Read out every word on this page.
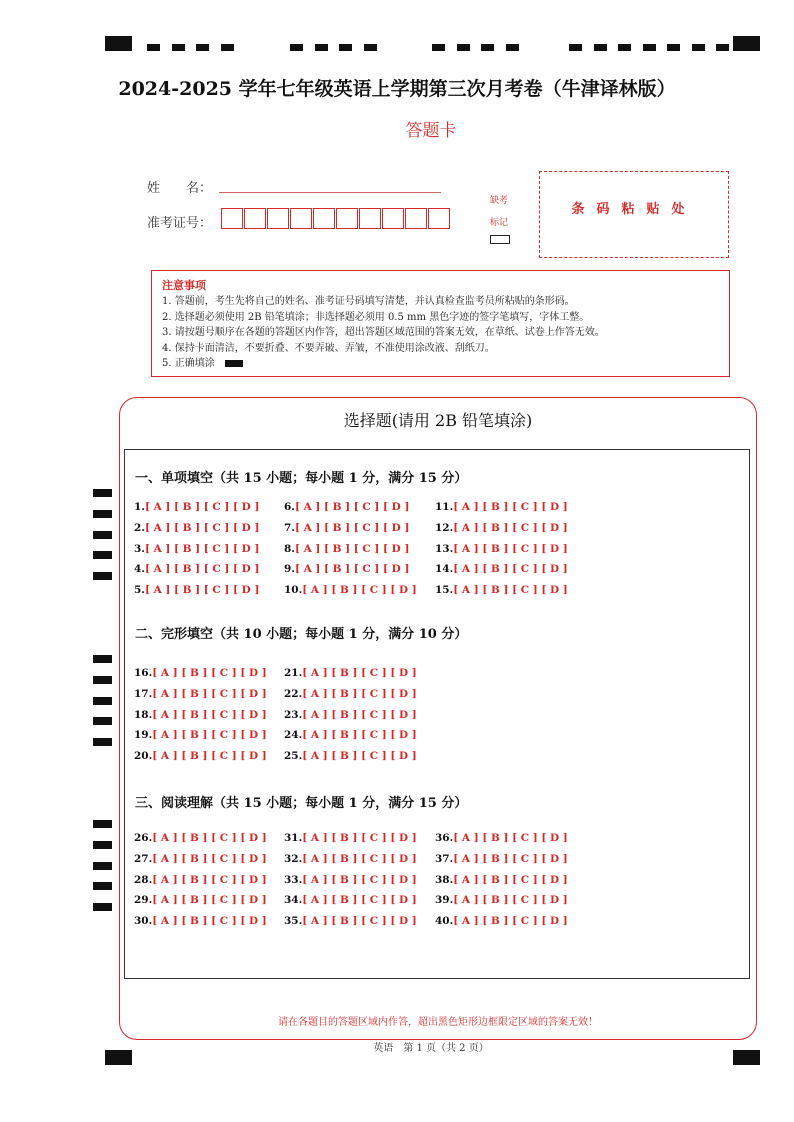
2024-2025 学年七年级英语上学期第三次月考卷（牛津译林版）
答题卡
姓　　名：
准考证号：
缺考
标记
条码粘贴处
注意事项
1. 答题前，考生先将自己的姓名、准考证号码填写清楚，并认真检查监考员所粘贴的条形码。
2. 选择题必须使用 2B 铅笔填涂；非选择题必须用 0.5 mm 黑色字迹的签字笔填写，字体工整。
3. 请按题号顺序在各题的答题区内作答，超出答题区域范围的答案无效，在草纸、试卷上作答无效。
4. 保持卡面清洁，不要折叠、不要弄破、弄皱，不准使用涂改液、刮纸刀。
5. 正确填涂
选择题(请用 2B 铅笔填涂)
一、单项填空（共 15 小题；每小题 1 分，满分 15 分）
二、完形填空（共 10 小题；每小题 1 分，满分 10 分）
三、阅读理解（共 15 小题；每小题 1 分，满分 15 分）
1.[ A ] [ B ] [ C ] [ D ]
2.[ A ] [ B ] [ C ] [ D ]
3.[ A ] [ B ] [ C ] [ D ]
4.[ A ] [ B ] [ C ] [ D ]
5.[ A ] [ B ] [ C ] [ D ]
6.[ A ] [ B ] [ C ] [ D ]
7.[ A ] [ B ] [ C ] [ D ]
8.[ A ] [ B ] [ C ] [ D ]
9.[ A ] [ B ] [ C ] [ D ]
10.[ A ] [ B ] [ C ] [ D ]
11.[ A ] [ B ] [ C ] [ D ]
12.[ A ] [ B ] [ C ] [ D ]
13.[ A ] [ B ] [ C ] [ D ]
14.[ A ] [ B ] [ C ] [ D ]
15.[ A ] [ B ] [ C ] [ D ]
16.[ A ] [ B ] [ C ] [ D ]
17.[ A ] [ B ] [ C ] [ D ]
18.[ A ] [ B ] [ C ] [ D ]
19.[ A ] [ B ] [ C ] [ D ]
20.[ A ] [ B ] [ C ] [ D ]
21.[ A ] [ B ] [ C ] [ D ]
22.[ A ] [ B ] [ C ] [ D ]
23.[ A ] [ B ] [ C ] [ D ]
24.[ A ] [ B ] [ C ] [ D ]
25.[ A ] [ B ] [ C ] [ D ]
26.[ A ] [ B ] [ C ] [ D ]
27.[ A ] [ B ] [ C ] [ D ]
28.[ A ] [ B ] [ C ] [ D ]
29.[ A ] [ B ] [ C ] [ D ]
30.[ A ] [ B ] [ C ] [ D ]
31.[ A ] [ B ] [ C ] [ D ]
32.[ A ] [ B ] [ C ] [ D ]
33.[ A ] [ B ] [ C ] [ D ]
34.[ A ] [ B ] [ C ] [ D ]
35.[ A ] [ B ] [ C ] [ D ]
36.[ A ] [ B ] [ C ] [ D ]
37.[ A ] [ B ] [ C ] [ D ]
38.[ A ] [ B ] [ C ] [ D ]
39.[ A ] [ B ] [ C ] [ D ]
40.[ A ] [ B ] [ C ] [ D ]
请在各题目的答题区域内作答，超出黑色矩形边框限定区域的答案无效！
英语　第 1 页（共 2 页）
